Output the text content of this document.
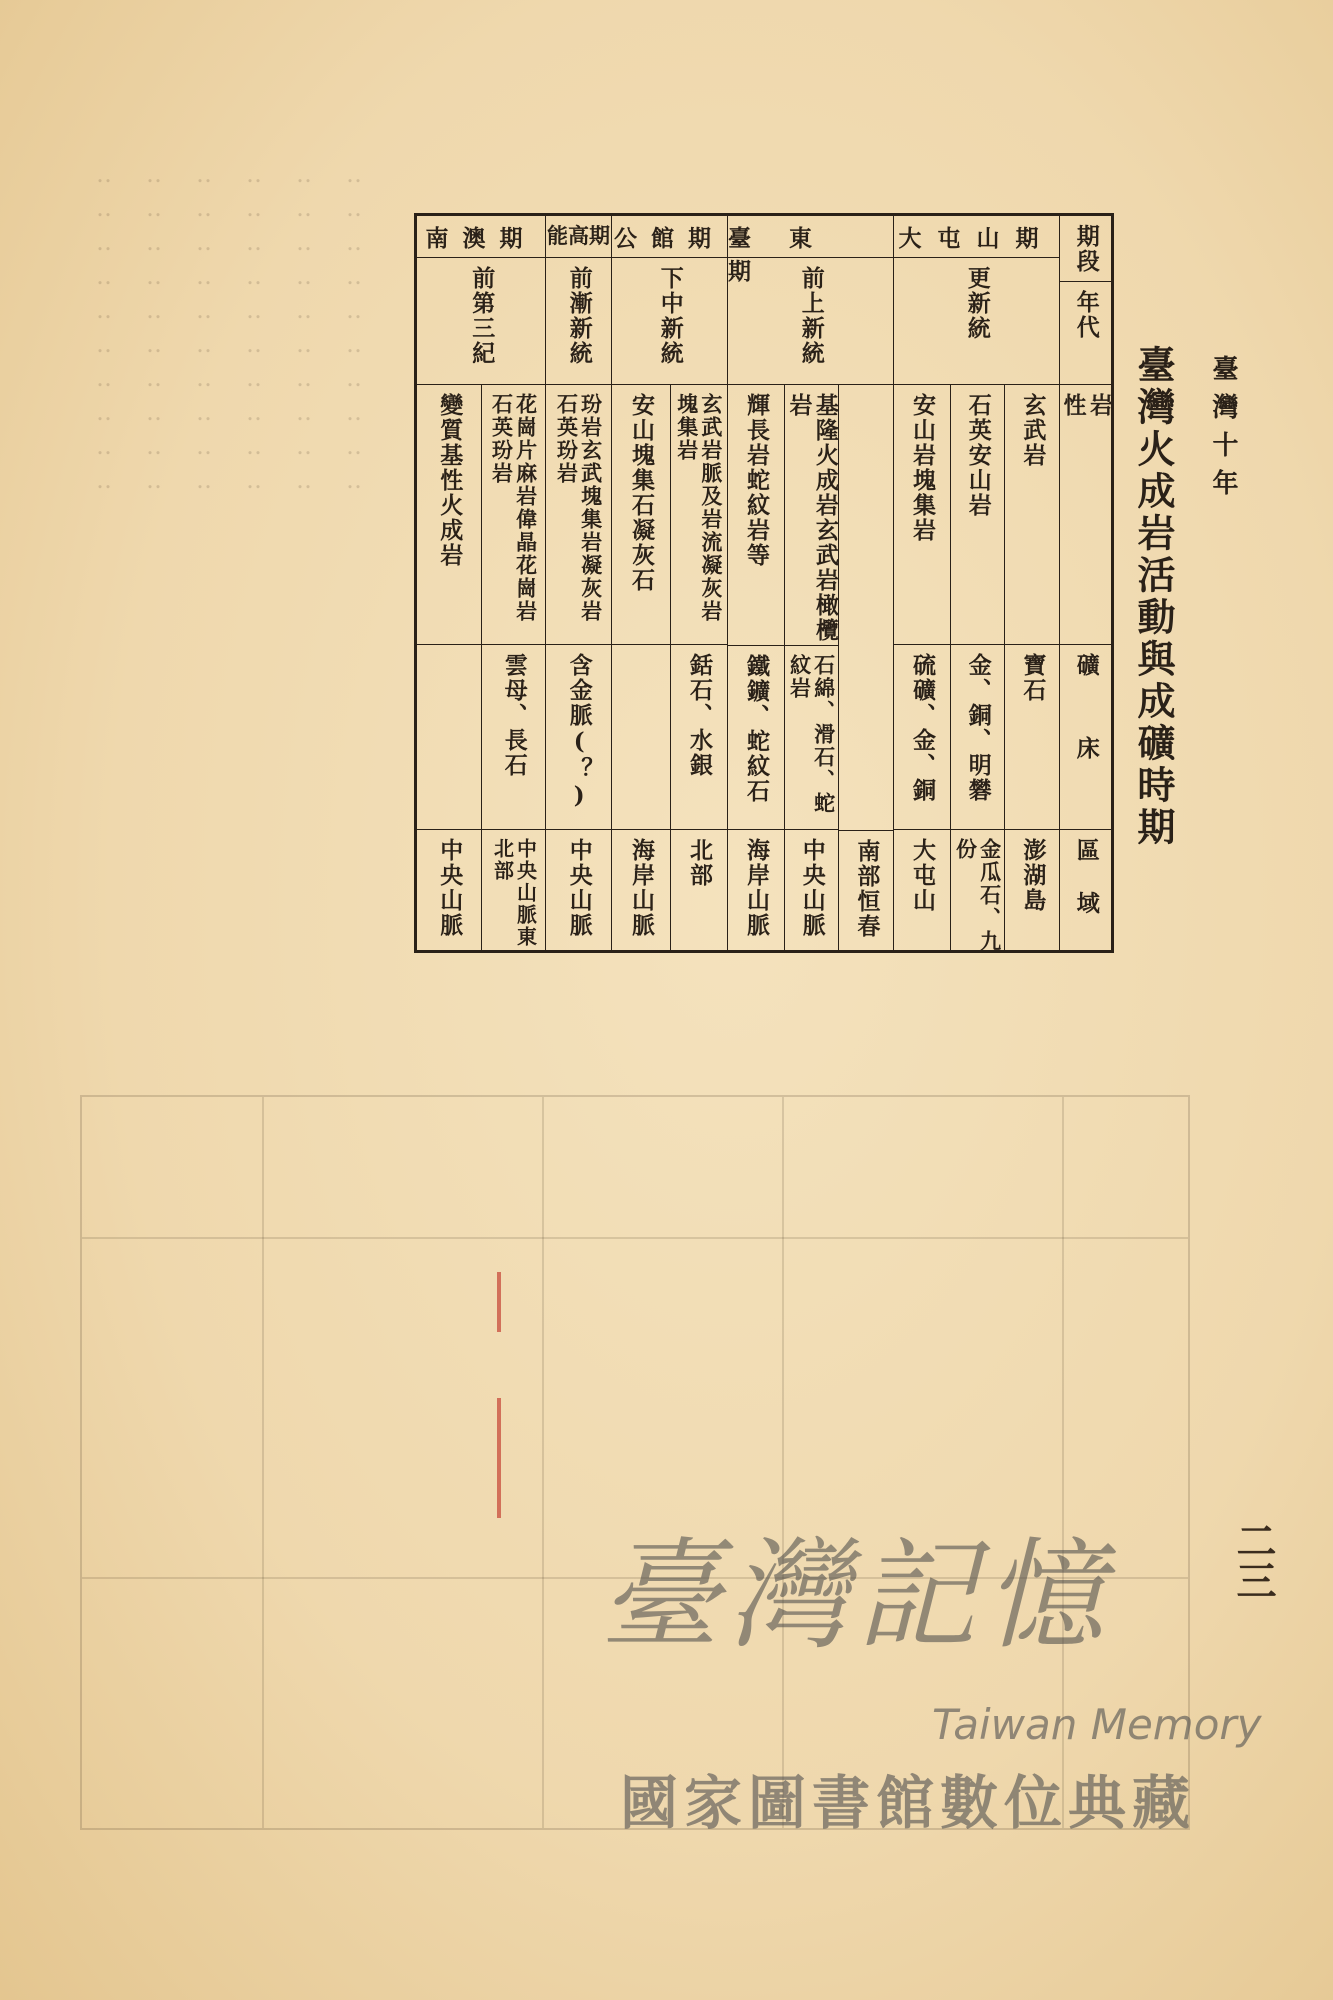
‥‥‥‥‥‥‥‥‥‥ ‥‥‥‥‥‥‥‥‥‥ ‥‥‥‥‥‥‥‥‥‥ ‥‥‥‥‥‥‥‥‥‥ ‥‥‥‥‥‥‥‥‥‥ ‥‥‥‥‥‥‥‥‥‥	臺灣十年
臺灣火成岩活動與成礦時期
期段
年代
岩性
礦床
區域
大屯山期
更新統
玄武岩
寶石
澎湖島
石英安山岩
金、銅、明礬
金瓜石、九份
安山岩塊集岩
硫礦、金、銅
大屯山
臺東期 前上新統
南部恒春
基隆火成岩玄武岩橄欖岩
石綿、滑石、蛇紋岩
中央山脈
輝長岩蛇紋岩等
鐵鑛、蛇紋石
海岸山脈
公館期
下中新統
玄武岩脈及岩流凝灰岩塊集岩
銛石、水銀
北部
安山塊集石凝灰石
海岸山脈
能高期
前漸新統
玢岩玄武塊集岩凝灰岩石英玢岩
含金脈(？)
中央山脈
南澳期
前第三紀
花崗片麻岩偉晶花崗岩石英玢岩
雲母、長石
中央山脈東北部
變質基性火成岩
中央山脈
二三
臺灣記憶
Taiwan Memory
國家圖書館數位典藏
